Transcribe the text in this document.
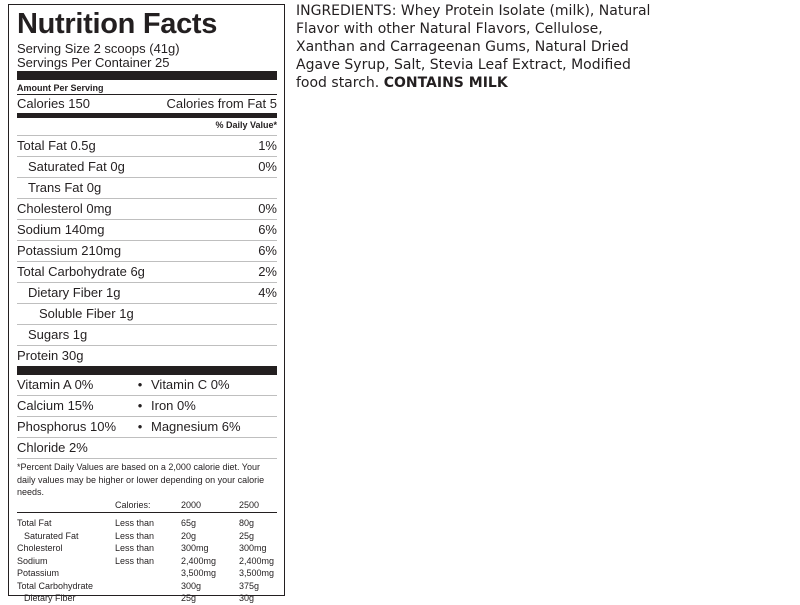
Nutrition Facts
Serving Size 2 scoops (41g)
Servings Per Container 25
Amount Per Serving
Calories 150	Calories from Fat 5
% Daily Value*
Total Fat 0.5g	1%
Saturated Fat 0g	0%
Trans Fat 0g
Cholesterol 0mg	0%
Sodium 140mg	6%
Potassium 210mg	6%
Total Carbohydrate 6g	2%
Dietary Fiber 1g	4%
Soluble Fiber 1g
Sugars 1g
Protein 30g
Vitamin A 0%	• Vitamin C 0%
Calcium 15%	• Iron 0%
Phosphorus 10%	• Magnesium 6%
Chloride 2%
*Percent Daily Values are based on a 2,000 calorie diet. Your daily values may be higher or lower depending on your calorie needs.
	Calories:	2000	2500

Total Fat	Less than	65g	80g
Saturated Fat	Less than	20g	25g
Cholesterol	Less than	300mg	300mg
Sodium	Less than	2,400mg	2,400mg
Potassium		3,500mg	3,500mg
Total Carbohydrate		300g	375g
Dietary Fiber		25g	30g

INGREDIENTS: Whey Protein Isolate (milk), Natural Flavor with other Natural Flavors, Cellulose, Xanthan and Carrageenan Gums, Natural Dried Agave Syrup, Salt, Stevia Leaf Extract, Modified food starch. CONTAINS MILK
